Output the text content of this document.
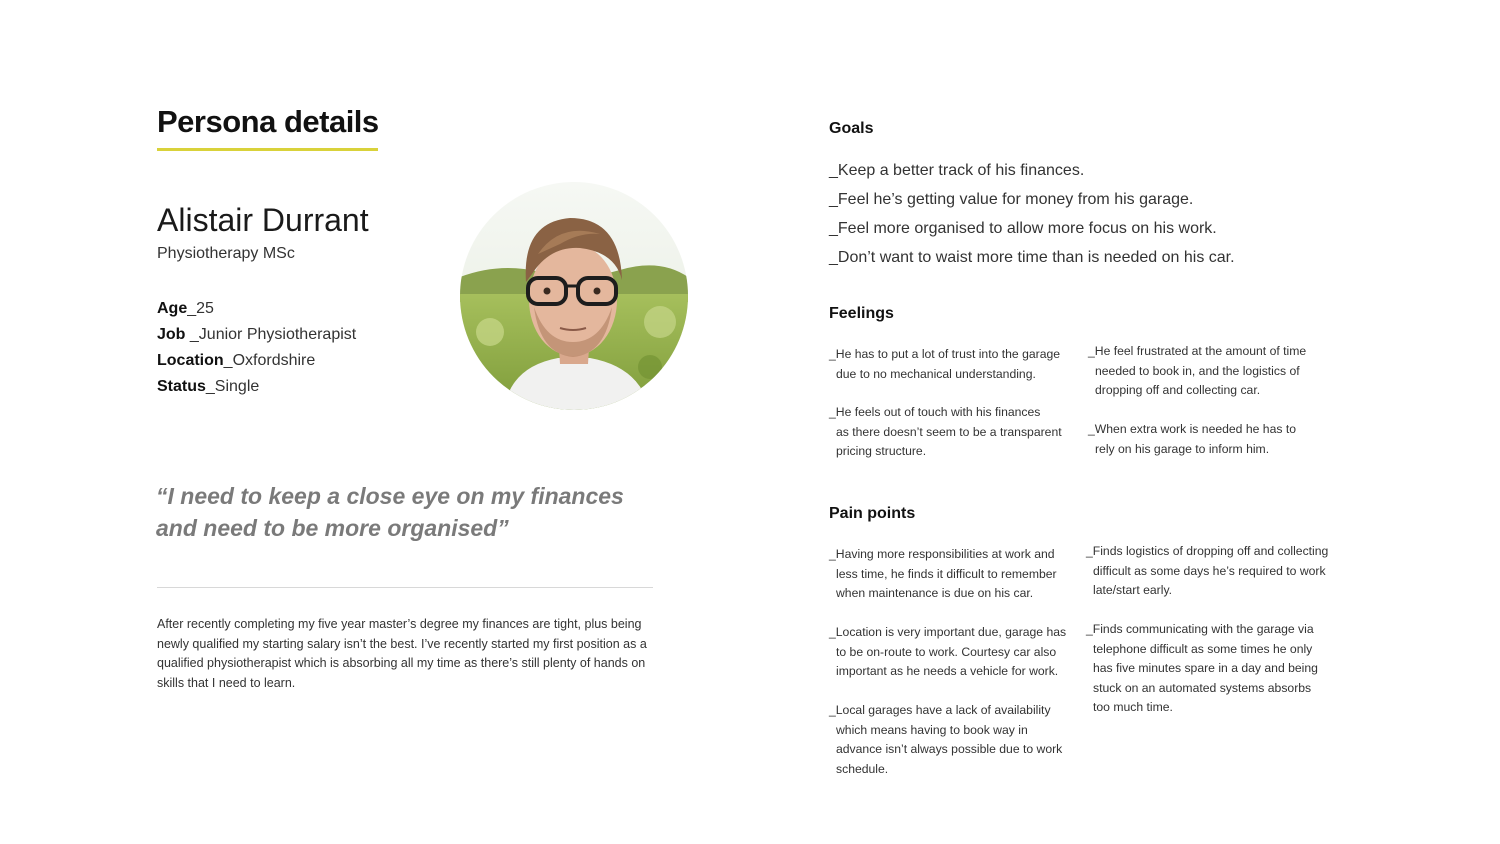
Persona details
Alistair Durrant
Physiotherapy MSc
Age_25
Job _Junior Physiotherapist
Location_Oxfordshire
Status_Single
“I need to keep a close eye on my finances and need to be more organised”
After recently completing my five year master’s degree my finances are tight, plus being newly qualified my starting salary isn’t the best. I’ve recently started my first position as a qualified physiotherapist which is absorbing all my time as there’s still plenty of hands on skills that I need to learn.
Goals
_Keep a better track of his finances.
_Feel he’s getting value for money from his garage.
_Feel more organised to allow more focus on his work.
_Don’t want to waist more time than is needed on his car.
Feelings

_He has to put a lot of trust into the garage
due to no mechanical understanding.

_He feels out of touch with his finances
as there doesn’t seem to be a transparent pricing structure.

_He feel frustrated at the amount of time
needed to book in, and the logistics of dropping off and collecting car.

_When extra work is needed he has to
rely on his garage to inform him.

Pain points

_Having more responsibilities at work and
less time, he finds it difficult to remember when maintenance is due on his car.

_Location is very important due, garage has
to be on-route to work. Courtesy car also important as he needs a vehicle for work.

_Local garages have a lack of availability
which means having to book way in advance isn’t always possible due to work schedule.

_Finds logistics of dropping off and collecting
difficult as some days he’s required to work late/start early.

_Finds communicating with the garage via
telephone difficult as some times he only has five minutes spare in a day and being stuck on an automated systems absorbs too much time.
